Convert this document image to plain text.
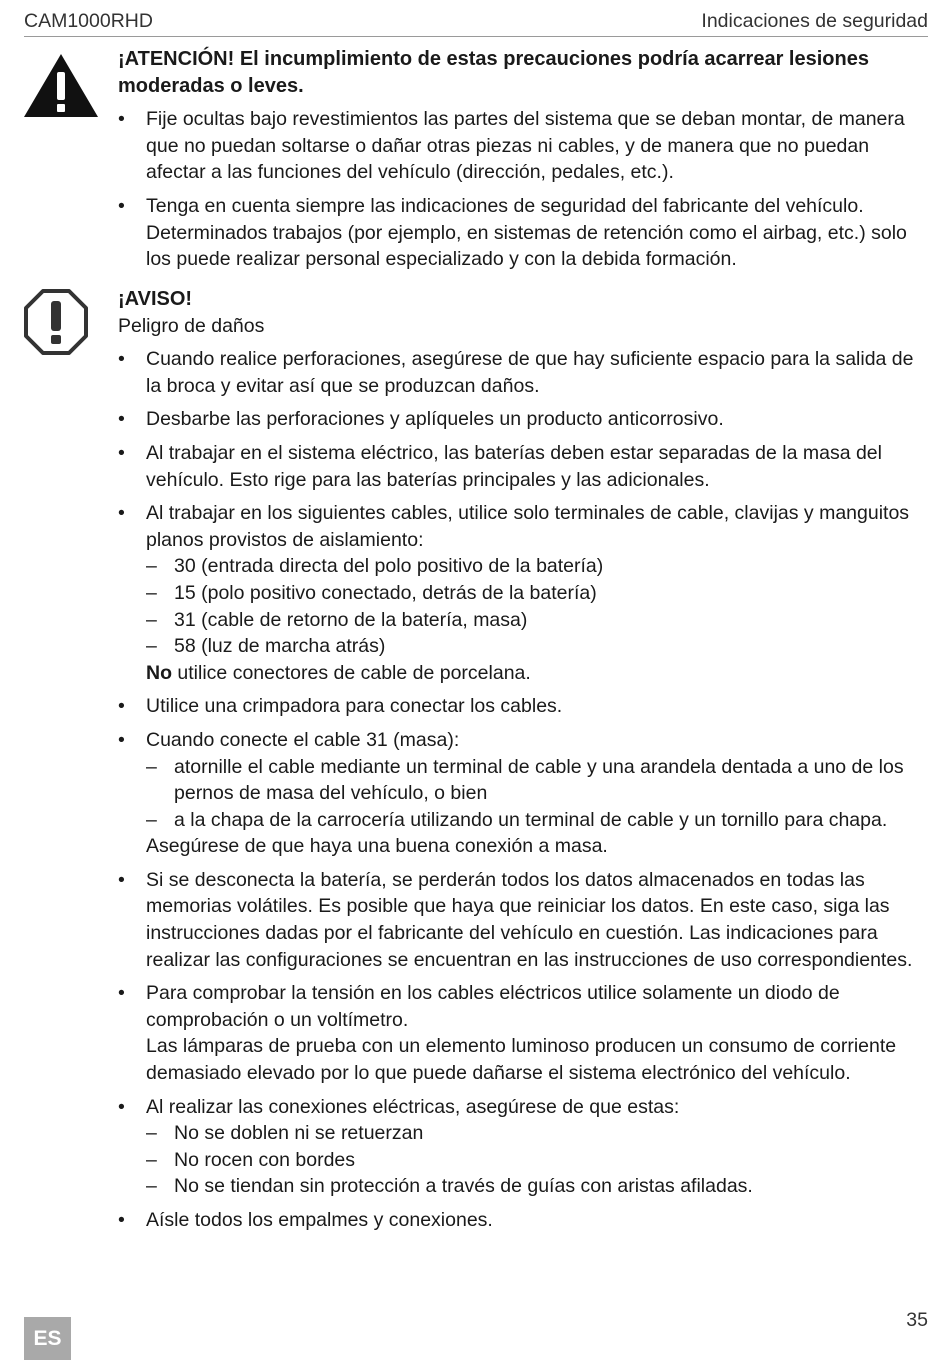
CAM1000RHD	Indicaciones de seguridad

¡ATENCIÓN! El incumplimiento de estas precauciones podría acarrear lesiones moderadas o leves.

• Fije ocultas bajo revestimientos las partes del sistema que se deban montar, de manera que no puedan soltarse o dañar otras piezas ni cables, y de manera que no puedan afectar a las funciones del vehículo (dirección, pedales, etc.).
• Tenga en cuenta siempre las indicaciones de seguridad del fabricante del vehículo. Determinados trabajos (por ejemplo, en sistemas de retención como el airbag, etc.) solo los puede realizar personal especializado y con la debida formación.

¡AVISO!

Peligro de daños

• Cuando realice perforaciones, asegúrese de que hay suficiente espacio para la salida de la broca y evitar así que se produzcan daños.
• Desbarbe las perforaciones y aplíqueles un producto anticorrosivo.
• Al trabajar en el sistema eléctrico, las baterías deben estar separadas de la masa del vehículo. Esto rige para las baterías principales y las adicionales.
• Al trabajar en los siguientes cables, utilice solo terminales de cable, clavijas y manguitos planos provistos de aislamiento:
– 30 (entrada directa del polo positivo de la batería)
– 15 (polo positivo conectado, detrás de la batería)
– 31 (cable de retorno de la batería, masa)
– 58 (luz de marcha atrás)
No utilice conectores de cable de porcelana.
• Utilice una crimpadora para conectar los cables.
• Cuando conecte el cable 31 (masa):
– atornille el cable mediante un terminal de cable y una arandela dentada a uno de los pernos de masa del vehículo, o bien
– a la chapa de la carrocería utilizando un terminal de cable y un tornillo para chapa.
Asegúrese de que haya una buena conexión a masa.
• Si se desconecta la batería, se perderán todos los datos almacenados en todas las memorias volátiles. Es posible que haya que reiniciar los datos. En este caso, siga las instrucciones dadas por el fabricante del vehículo en cuestión. Las indicaciones para realizar las configuraciones se encuentran en las instrucciones de uso correspondientes.
• Para comprobar la tensión en los cables eléctricos utilice solamente un diodo de comprobación o un voltímetro.
Las lámparas de prueba con un elemento luminoso producen un consumo de corriente demasiado elevado por lo que puede dañarse el sistema electrónico del vehículo.
• Al realizar las conexiones eléctricas, asegúrese de que estas:
– No se doblen ni se retuerzan
– No rocen con bordes
– No se tiendan sin protección a través de guías con aristas afiladas.
• Aísle todos los empalmes y conexiones.
ES
35
